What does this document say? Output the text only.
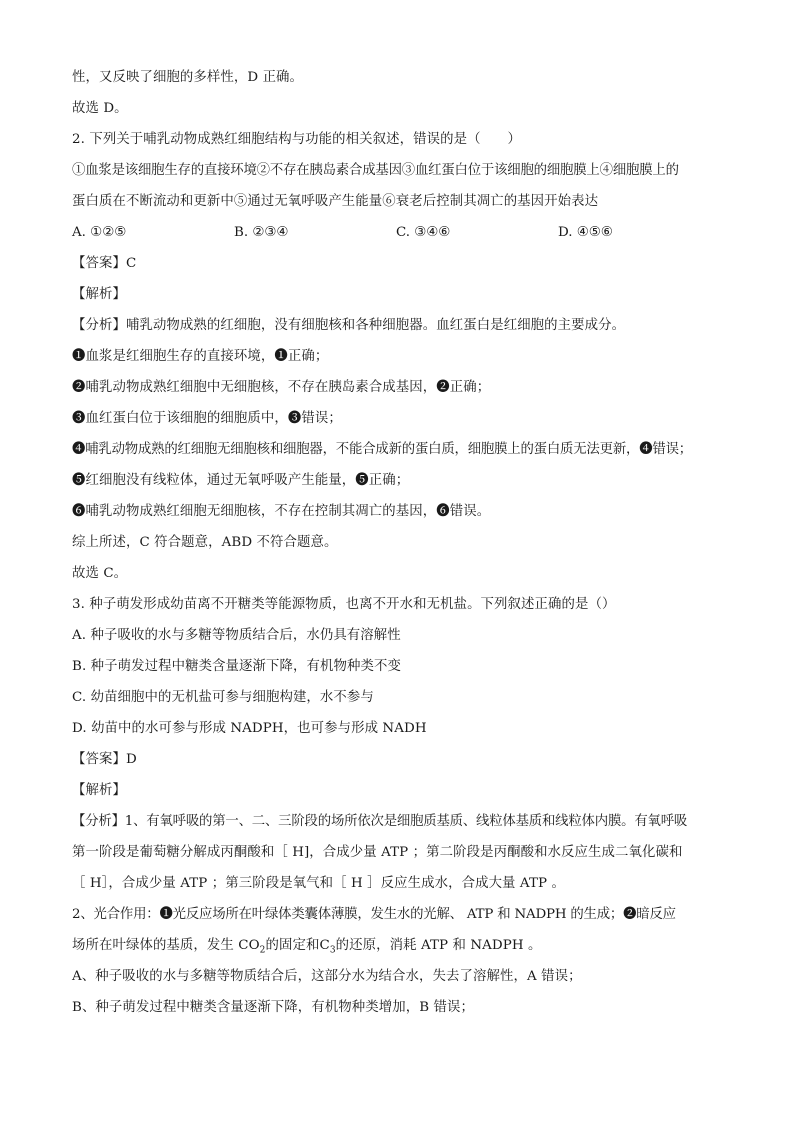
性，又反映了细胞的多样性，D 正确。
故选 D。
2. 下列关于哺乳动物成熟红细胞结构与功能的相关叙述，错误的是（　　）
①血浆是该细胞生存的直接环境②不存在胰岛素合成基因③血红蛋白位于该细胞的细胞膜上④细胞膜上的
蛋白质在不断流动和更新中⑤通过无氧呼吸产生能量⑥衰老后控制其凋亡的基因开始表达
A. ①②⑤	B. ②③④	C. ③④⑥	D. ④⑤⑥
【答案】C
【解析】
【分析】哺乳动物成熟的红细胞，没有细胞核和各种细胞器。血红蛋白是红细胞的主要成分。
❶血浆是红细胞生存的直接环境，❶正确；
❷哺乳动物成熟红细胞中无细胞核，不存在胰岛素合成基因，❷正确；
❸血红蛋白位于该细胞的细胞质中，❸错误；
❹哺乳动物成熟的红细胞无细胞核和细胞器，不能合成新的蛋白质，细胞膜上的蛋白质无法更新，❹错误；
❺红细胞没有线粒体，通过无氧呼吸产生能量，❺正确；
❻哺乳动物成熟红细胞无细胞核，不存在控制其凋亡的基因，❻错误。
综上所述，C 符合题意，ABD 不符合题意。
故选 C。
3. 种子萌发形成幼苗离不开糖类等能源物质，也离不开水和无机盐。下列叙述正确的是（）
A. 种子吸收的水与多糖等物质结合后，水仍具有溶解性
B. 种子萌发过程中糖类含量逐渐下降，有机物种类不变
C. 幼苗细胞中的无机盐可参与细胞构建，水不参与
D. 幼苗中的水可参与形成 NADPH，也可参与形成 NADH
【答案】D
【解析】
【分析】1、有氧呼吸的第一、二、三阶段的场所依次是细胞质基质、线粒体基质和线粒体内膜。有氧呼吸
第一阶段是葡萄糖分解成丙酮酸和［ H]，合成少量 ATP ；第二阶段是丙酮酸和水反应生成二氧化碳和
［ H］，合成少量 ATP ；第三阶段是氧气和［ H ］反应生成水，合成大量 ATP 。
2、光合作用：❶光反应场所在叶绿体类囊体薄膜，发生水的光解、 ATP 和 NADPH 的生成；❷暗反应
场所在叶绿体的基质，发生 $CO_2$的固定和$C_3$的还原，消耗 ATP 和 NADPH 。
A、种子吸收的水与多糖等物质结合后，这部分水为结合水，失去了溶解性，A 错误；
B、种子萌发过程中糖类含量逐渐下降，有机物种类增加，B 错误；
